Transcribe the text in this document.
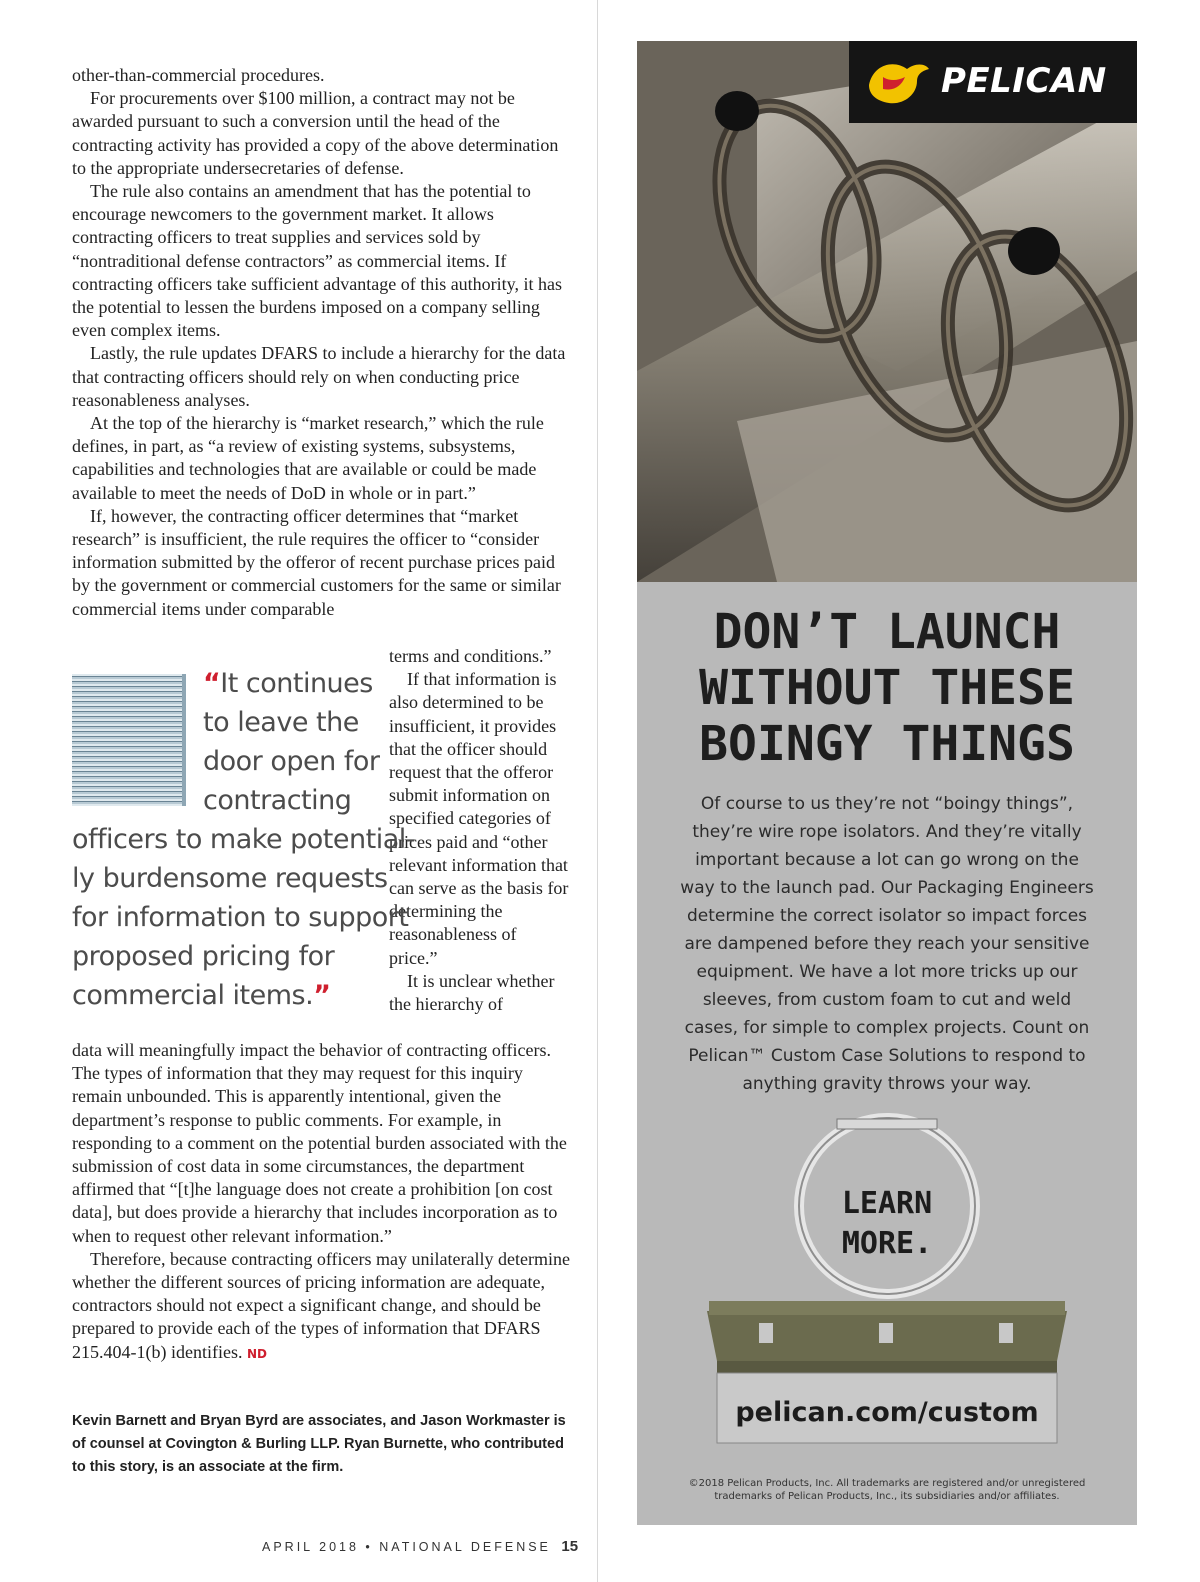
other-than-commercial procedures.

For procurements over $100 million, a contract may not be awarded pursuant to such a conversion until the head of the contracting activity has provided a copy of the above determination to the appropriate undersecretaries of defense.

The rule also contains an amendment that has the potential to encourage newcomers to the government market. It allows contracting officers to treat supplies and services sold by “nontraditional defense contractors” as commercial items. If contracting officers take sufficient advantage of this authority, it has the potential to lessen the burdens imposed on a company selling even complex items.

Lastly, the rule updates DFARS to include a hierarchy for the data that contracting officers should rely on when conducting price reasonableness analyses.

At the top of the hierarchy is “market research,” which the rule defines, in part, as “a review of existing systems, subsystems, capabilities and technologies that are available or could be made available to meet the needs of DoD in whole or in part.”

If, however, the contracting officer determines that “market research” is insufficient, the rule requires the officer to “consider information submitted by the offeror of recent purchase prices paid by the government or commercial customers for the same or similar commercial items under comparable

terms and conditions.”

If that information is also determined to be insufficient, it provides that the officer should request that the offeror submit information on specified categories of prices paid and “other relevant information that can serve as the basis for determining the reasonableness of price.”

It is unclear whether the hierarchy of

“It continues
to leave the
door open for
contracting
officers to make potential-
ly burdensome requests
for information to support
proposed pricing for
commercial items.”

data will meaningfully impact the behavior of contracting officers. The types of information that they may request for this inquiry remain unbounded. This is apparently intentional, given the department’s response to public comments. For example, in responding to a comment on the potential burden associated with the submission of cost data in some circumstances, the department affirmed that “[t]he language does not create a prohibition [on cost data], but does provide a hierarchy that includes incorporation as to when to request other relevant information.”

Therefore, because contracting officers may unilaterally determine whether the different sources of pricing information are adequate, contractors should not expect a significant change, and should be prepared to provide each of the types of information that DFARS 215.404-1(b) identifies. ND

Kevin Barnett and Bryan Byrd are associates, and Jason Workmaster is of counsel at Covington & Burling LLP. Ryan Burnette, who contributed to this story, is an associate at the firm.
APRIL 2018 • NATIONAL DEFENSE 15
PELICAN
DON’T LAUNCH
WITHOUT THESE
BOINGY THINGS
Of course to us they’re not “boingy things”,
they’re wire rope isolators. And they’re vitally
important because a lot can go wrong on the
way to the launch pad. Our Packaging Engineers
determine the correct isolator so impact forces
are dampened before they reach your sensitive
equipment. We have a lot more tricks up our
sleeves, from custom foam to cut and weld
cases, for simple to complex projects. Count on
Pelican™ Custom Case Solutions to respond to
anything gravity throws your way.
LEARN
MORE.
pelican.com/custom
©2018 Pelican Products, Inc. All trademarks are registered and/or unregistered
trademarks of Pelican Products, Inc., its subsidiaries and/or affiliates.
